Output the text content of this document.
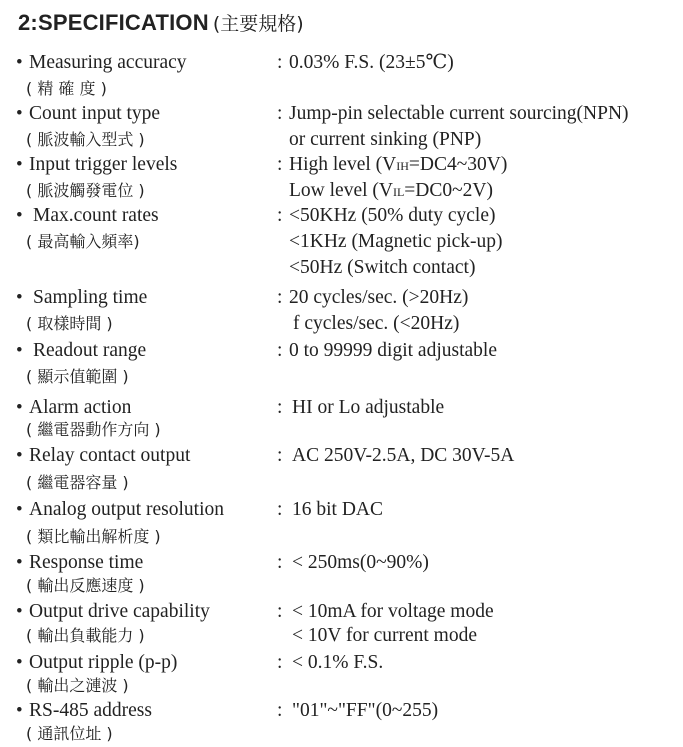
2:SPECIFICATION (主要規格)
• Measuring accuracy
( 精 確 度 )
: 0.03% F.S. (23±5℃)
• Count input type
( 脈波輸入型式 )
: Jump-pin selectable current sourcing(NPN)
or current sinking (PNP)
• Input trigger levels
( 脈波觸發電位 )
: High level (VIH=DC4~30V)
Low level (VIL=DC0~2V)
• Max.count rates
( 最高輸入頻率)
: <50KHz (50% duty cycle)
<1KHz (Magnetic pick-up)
<50Hz (Switch contact)
• Sampling time
( 取樣時間 )
: 20 cycles/sec. (>20Hz)
f cycles/sec. (<20Hz)
• Readout range
( 顯示值範圍 )
: 0 to 99999 digit adjustable
• Alarm action
( 繼電器動作方向 )
: HI or Lo adjustable
• Relay contact output
( 繼電器容量 )
: AC 250V-2.5A, DC 30V-5A
• Analog output resolution
( 類比輸出解析度 )
: 16 bit DAC
• Response time
( 輸出反應速度 )
: < 250ms(0~90%)
• Output drive capability
( 輸出負載能力 )
: < 10mA for voltage mode
< 10V for current mode
• Output ripple (p-p)
( 輸出之漣波 )
: < 0.1% F.S.
• RS-485 address
( 通訊位址 )
: "01"~"FF"(0~255)
